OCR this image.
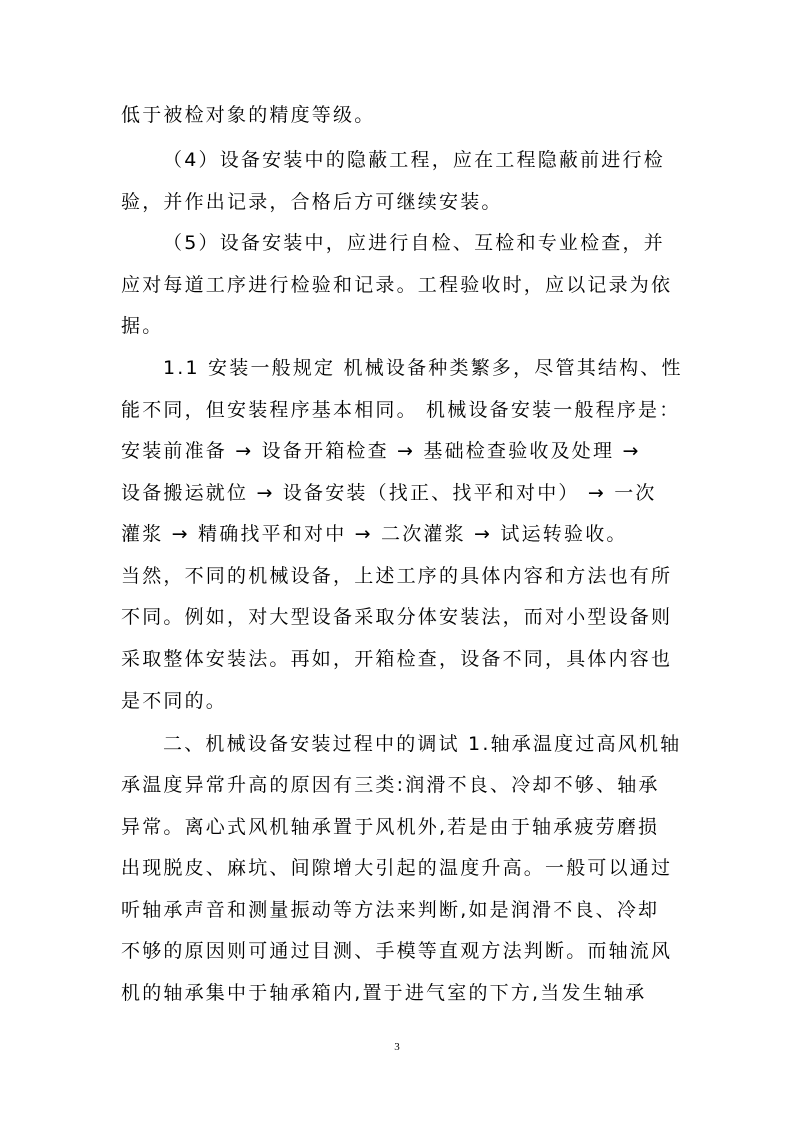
低于被检对象的精度等级。
（4）设备安装中的隐蔽工程，应在工程隐蔽前进行检
验，并作出记录，合格后方可继续安装。
（5）设备安装中，应进行自检、互检和专业检查，并
应对每道工序进行检验和记录。工程验收时，应以记录为依
据。
1.1 安装一般规定 机械设备种类繁多，尽管其结构、性
能不同，但安装程序基本相同。 机械设备安装一般程序是：
安装前准备 → 设备开箱检查 → 基础检查验收及处理 →
设备搬运就位 → 设备安装（找正、找平和对中） → 一次
灌浆 → 精确找平和对中 → 二次灌浆 → 试运转验收。
当然，不同的机械设备，上述工序的具体内容和方法也有所
不同。例如，对大型设备采取分体安装法，而对小型设备则
采取整体安装法。再如，开箱检查，设备不同，具体内容也
是不同的。
二、机械设备安装过程中的调试 1.轴承温度过高风机轴
承温度异常升高的原因有三类:润滑不良、冷却不够、轴承
异常。离心式风机轴承置于风机外,若是由于轴承疲劳磨损
出现脱皮、麻坑、间隙增大引起的温度升高。一般可以通过
听轴承声音和测量振动等方法来判断,如是润滑不良、冷却
不够的原因则可通过目测、手模等直观方法判断。而轴流风
机的轴承集中于轴承箱内,置于进气室的下方,当发生轴承
3
